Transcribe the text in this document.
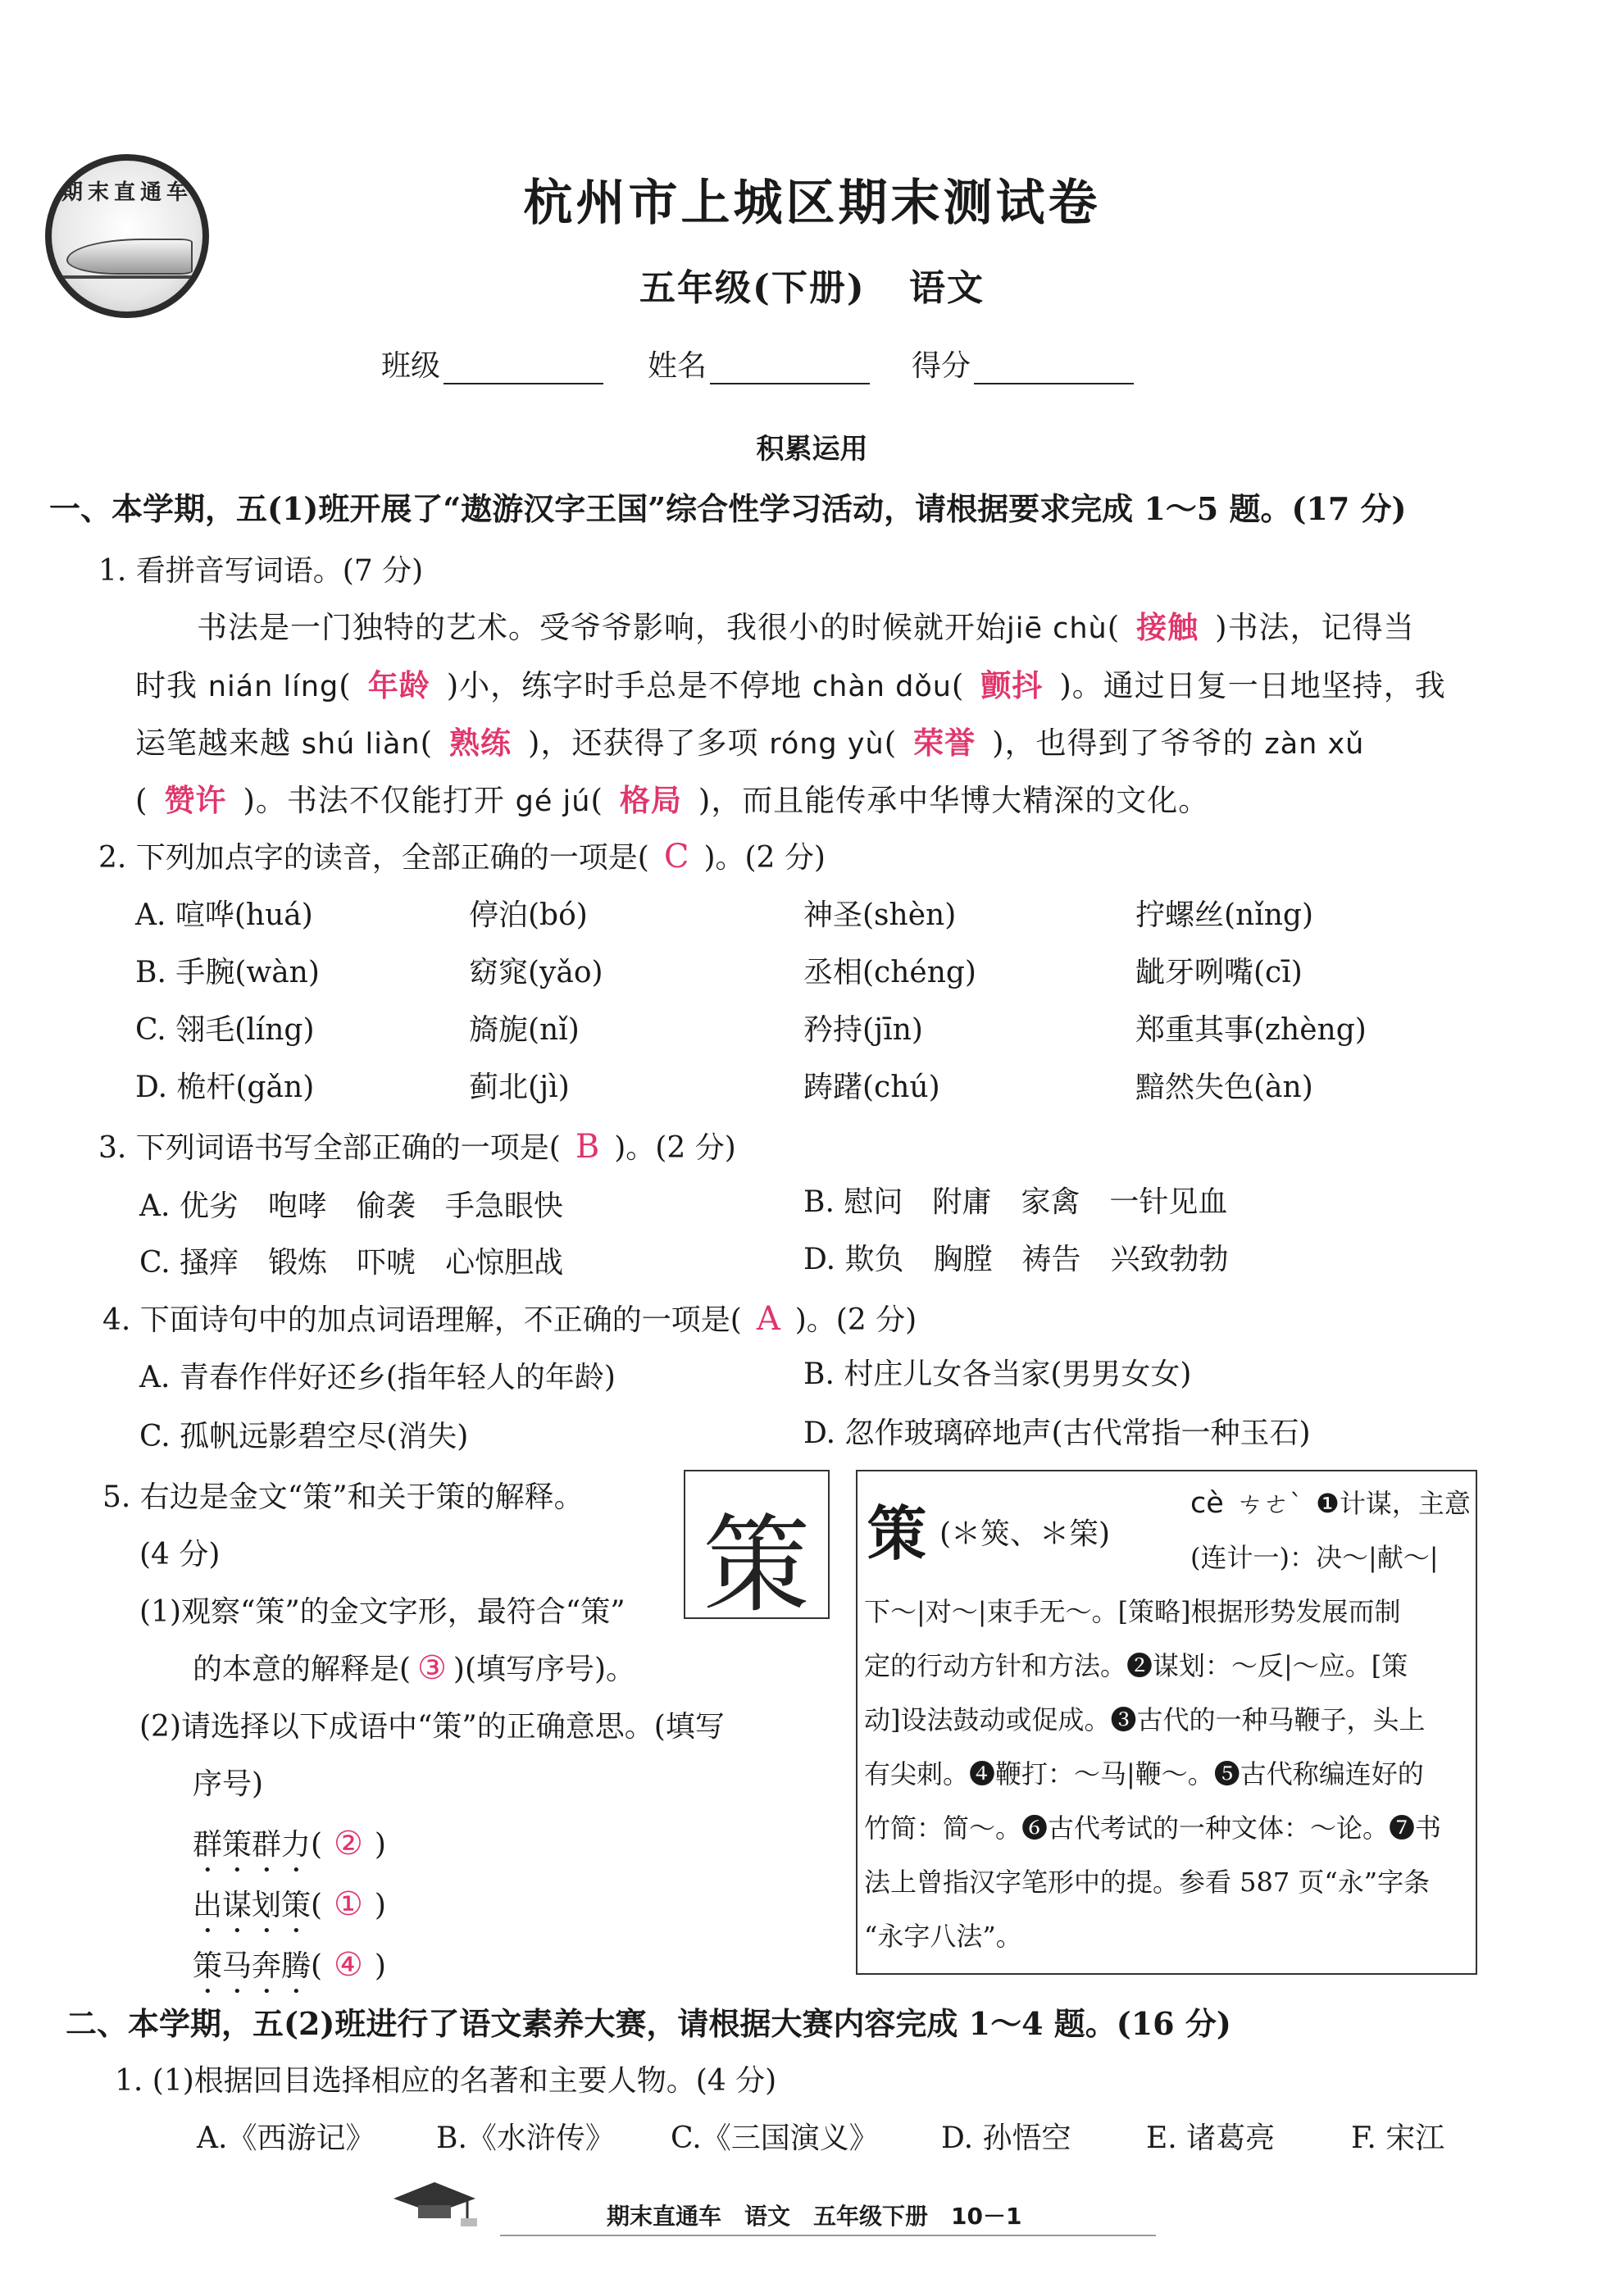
期末直通车	杭州市上城区期末测试卷
五年级(下册) 语文
班级	姓名	得分
积累运用
一、本学期，五(1)班开展了“遨游汉字王国”综合性学习活动，请根据要求完成 1～5 题。(17 分)
1. 看拼音写词语。(7 分)
书法是一门独特的艺术。受爷爷影响，我很小的时候就开始jiē chù( 接触 )书法，记得当
时我 nián líng( 年龄 )小，练字时手总是不停地 chàn dǒu( 颤抖 )。通过日复一日地坚持，我
运笔越来越 shú liàn( 熟练 )，还获得了多项 róng yù( 荣誉 )，也得到了爷爷的 zàn xǔ
( 赞许 )。书法不仅能打开 gé jú( 格局 )，而且能传承中华博大精深的文化。
2. 下列加点字的读音，全部正确的一项是( C )。(2 分)
A. 喧哗(huá)	停泊(bó)	神圣(shèn)	拧螺丝(nǐng)
B. 手腕(wàn)	窈窕(yǎo)	丞相(chéng)	龇牙咧嘴(cī)
C. 翎毛(líng)	旖旎(nǐ)	矜持(jīn)	郑重其事(zhèng)
D. 桅杆(gǎn)	蓟北(jì)	踌躇(chú)	黯然失色(àn)
3. 下列词语书写全部正确的一项是( B )。(2 分)
A. 优劣　咆哮　偷袭　手急眼快	B. 慰问　附庸　家禽　一针见血
C. 搔痒　锻炼　吓唬　心惊胆战	D. 欺负　胸膛　祷告　兴致勃勃
4. 下面诗句中的加点词语理解，不正确的一项是( A )。(2 分)
A. 青春作伴好还乡(指年轻人的年龄)	B. 村庄儿女各当家(男男女女)
C. 孤帆远影碧空尽(消失)	D. 忽作玻璃碎地声(古代常指一种玉石)
5. 右边是金文“策”和关于策的解释。
(4 分)
(1)观察“策”的金文字形，最符合“策”
的本意的解释是( ③ )(填写序号)。
(2)请选择以下成语中“策”的正确意思。(填写
序号)
群策群力( ② )
出谋划策( ① )
策马奔腾( ④ )
策 策 (＊筴、＊筞)
cè ㄘㄜˋ ❶计谋，主意
(连计一)：决～|献～|
下～|对～|束手无～。[策略]根据形势发展而制
定的行动方针和方法。❷谋划：～反|～应。[策
动]设法鼓动或促成。❸古代的一种马鞭子，头上
有尖刺。❹鞭打：～马|鞭～。❺古代称编连好的
竹简：简～。❻古代考试的一种文体：～论。❼书
法上曾指汉字笔形中的提。参看 587 页“永”字条
“永字八法”。
二、本学期，五(2)班进行了语文素养大赛，请根据大赛内容完成 1～4 题。(16 分)
1. (1)根据回目选择相应的名著和主要人物。(4 分)
A.《西游记》 B.《水浒传》 C.《三国演义》 D. 孙悟空	E. 诸葛亮	F. 宋江
期末直通车　语文　五年级下册　10－1
